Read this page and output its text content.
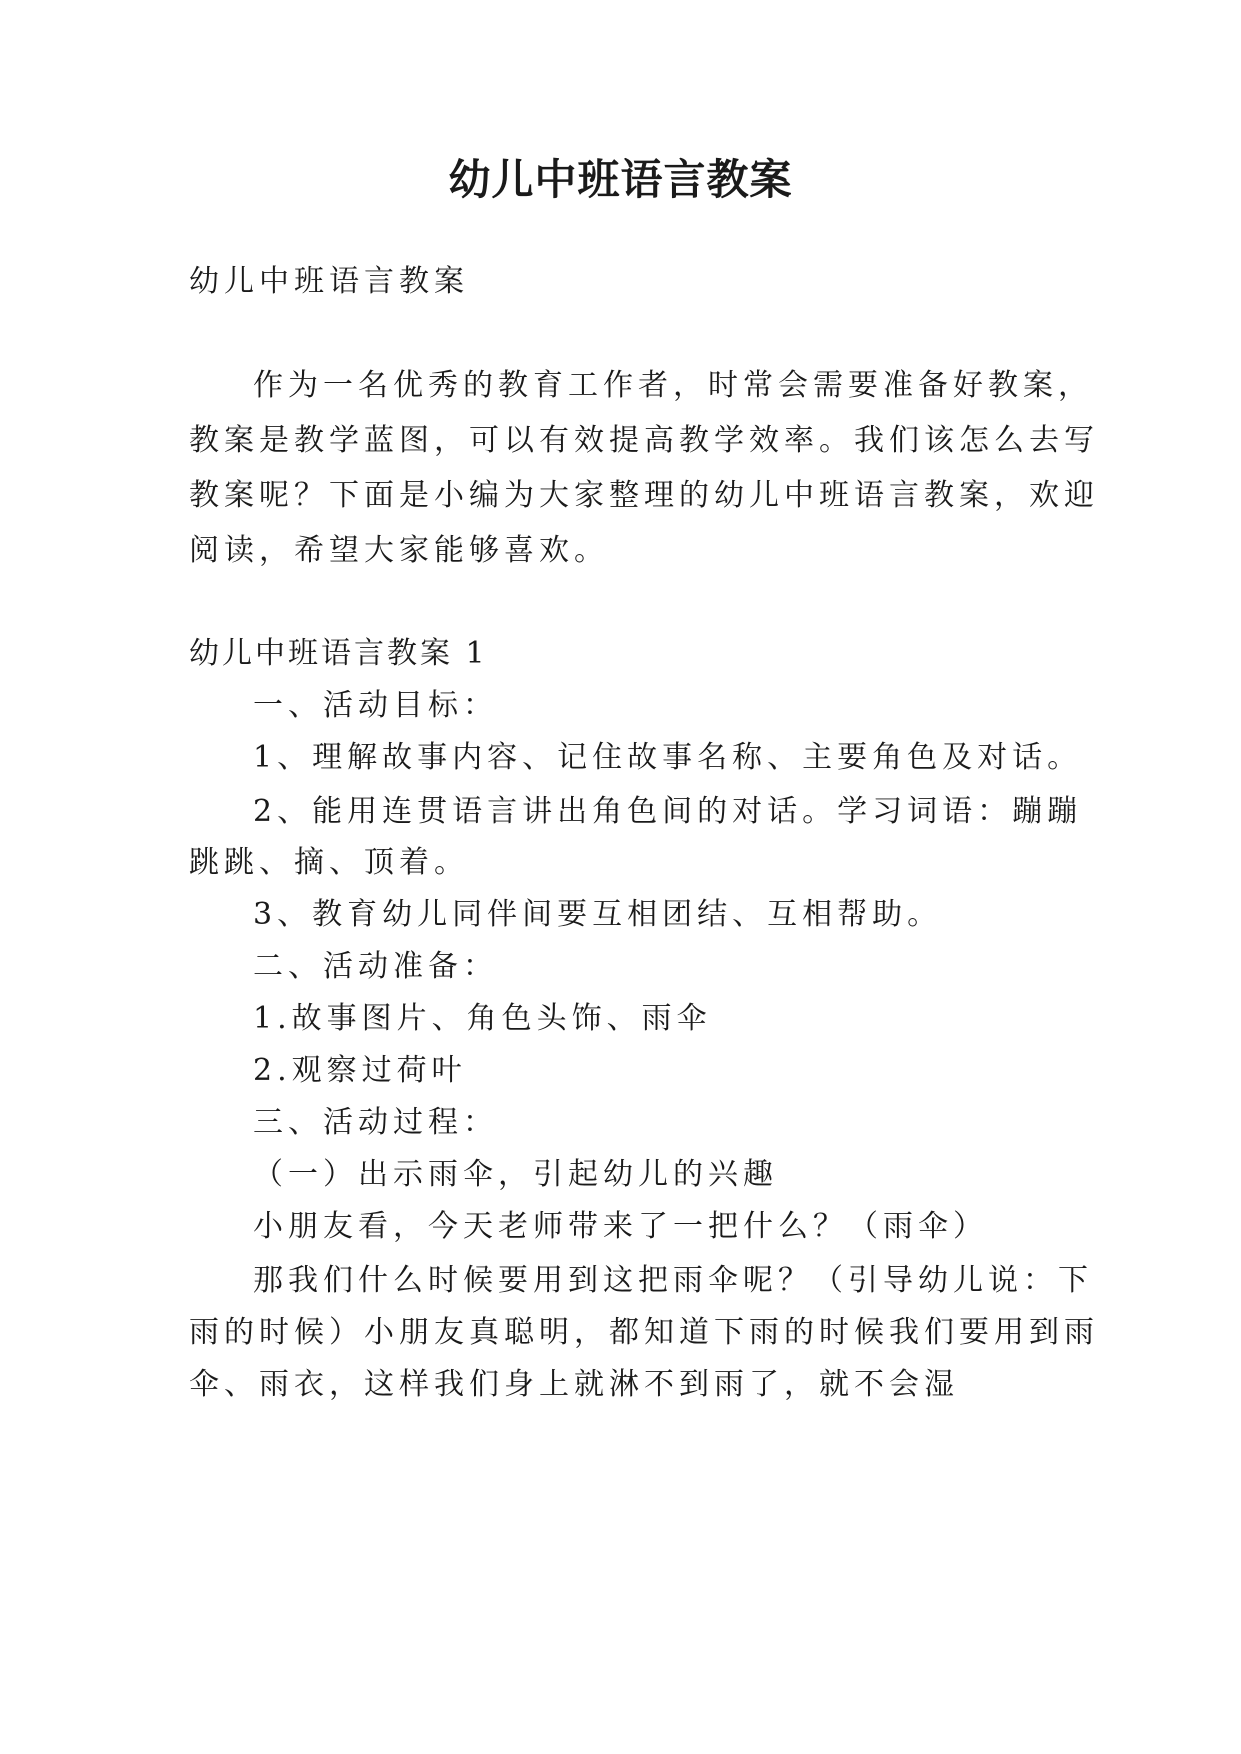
幼儿中班语言教案

幼儿中班语言教案

作为一名优秀的教育工作者，时常会需要准备好教案，

教案是教学蓝图，可以有效提高教学效率。我们该怎么去写

教案呢？下面是小编为大家整理的幼儿中班语言教案，欢迎

阅读，希望大家能够喜欢。

幼儿中班语言教案 1

一、活动目标：

1、理解故事内容、记住故事名称、主要角色及对话。

2、能用连贯语言讲出角色间的对话。学习词语：蹦蹦

跳跳、摘、顶着。

3、教育幼儿同伴间要互相团结、互相帮助。

二、活动准备：

1.故事图片、角色头饰、雨伞

2.观察过荷叶

三、活动过程：

（一）出示雨伞，引起幼儿的兴趣

小朋友看，今天老师带来了一把什么？（雨伞）

那我们什么时候要用到这把雨伞呢？（引导幼儿说：下

雨的时候）小朋友真聪明，都知道下雨的时候我们要用到雨

伞、雨衣，这样我们身上就淋不到雨了，就不会湿
